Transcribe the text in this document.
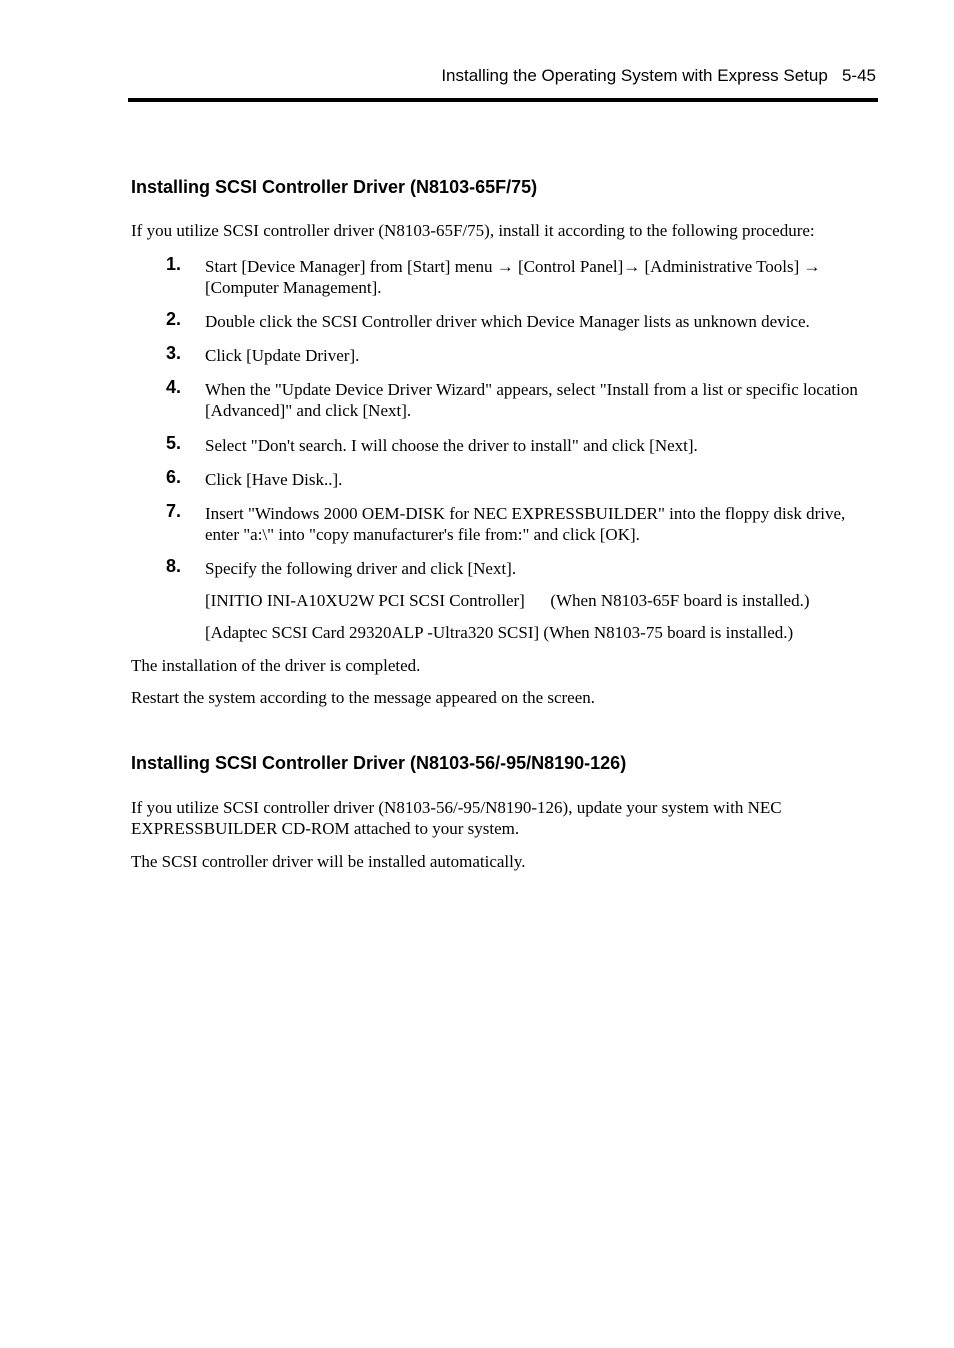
Installing the Operating System with Express Setup 5-45
Installing SCSI Controller Driver (N8103-65F/75)

If you utilize SCSI controller driver (N8103-65F/75), install it according to the following procedure:

1. Start [Device Manager] from [Start] menu → [Control Panel]→ [Administrative Tools] → [Computer Management].
2. Double click the SCSI Controller driver which Device Manager lists as unknown device.
3. Click [Update Driver].
4. When the "Update Device Driver Wizard" appears, select "Install from a list or specific location [Advanced]" and click [Next].
5. Select "Don't search. I will choose the driver to install" and click [Next].
6. Click [Have Disk..].
7. Insert "Windows 2000 OEM-DISK for NEC EXPRESSBUILDER" into the floppy disk drive, enter "a:\" into "copy manufacturer's file from:" and click [OK].
8. Specify the following driver and click [Next].
[INITIO INI-A10XU2W PCI SCSI Controller] (When N8103-65F board is installed.)
[Adaptec SCSI Card 29320ALP -Ultra320 SCSI] (When N8103-75 board is installed.)

The installation of the driver is completed.

Restart the system according to the message appeared on the screen.

Installing SCSI Controller Driver (N8103-56/-95/N8190-126)

If you utilize SCSI controller driver (N8103-56/-95/N8190-126), update your system with NEC EXPRESSBUILDER CD-ROM attached to your system.

The SCSI controller driver will be installed automatically.
